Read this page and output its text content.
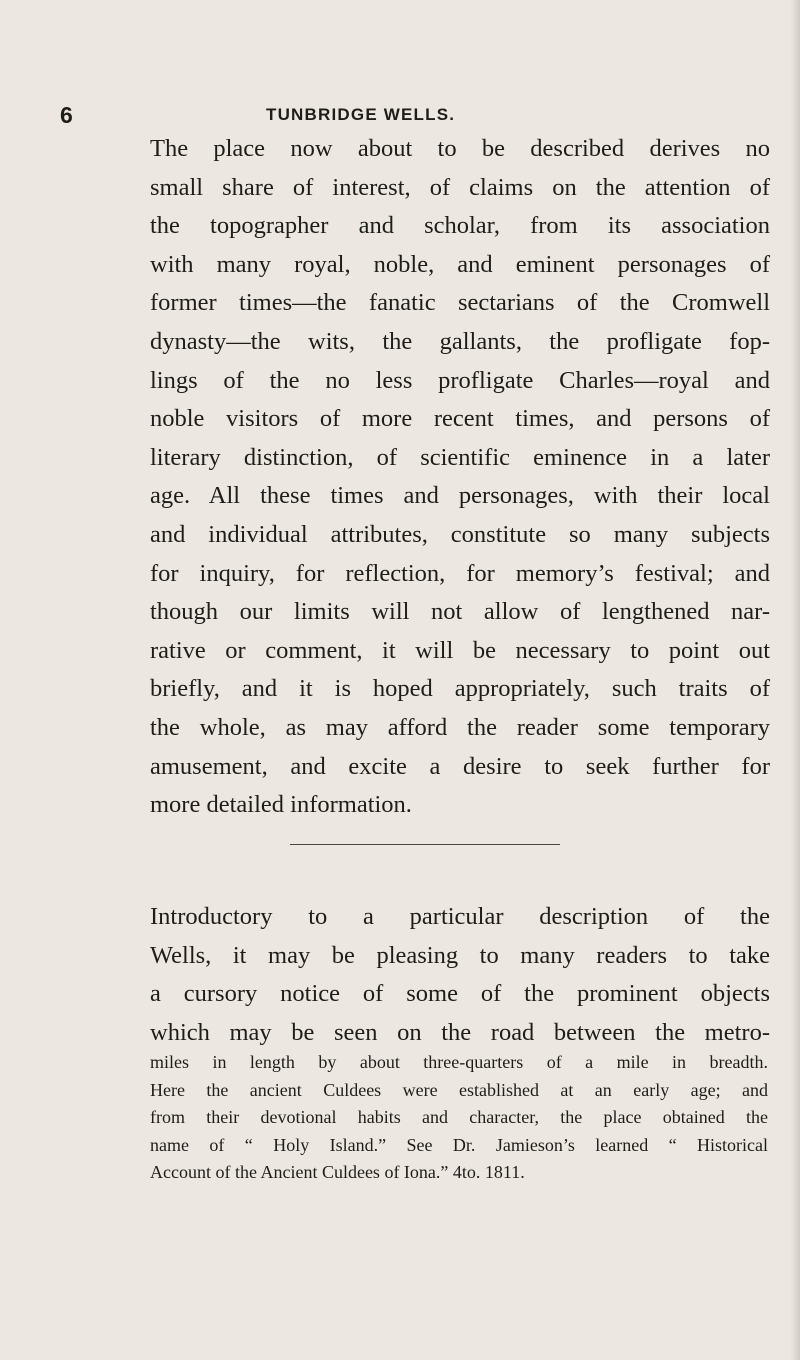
6	TUNBRIDGE WELLS.
The place now about to be described derives no
small share of interest, of claims on the attention of
the topographer and scholar, from its association
with many royal, noble, and eminent personages of
former times—the fanatic sectarians of the Cromwell
dynasty—the wits, the gallants, the profligate fop-
lings of the no less profligate Charles—royal and
noble visitors of more recent times, and persons of
literary distinction, of scientific eminence in a later
age. All these times and personages, with their local
and individual attributes, constitute so many subjects
for inquiry, for reflection, for memory’s festival; and
though our limits will not allow of lengthened nar-
rative or comment, it will be necessary to point out
briefly, and it is hoped appropriately, such traits of
the whole, as may afford the reader some temporary
amusement, and excite a desire to seek further for
more detailed information.
Introductory to a particular description of the
Wells, it may be pleasing to many readers to take
a cursory notice of some of the prominent objects
which may be seen on the road between the metro-
miles in length by about three-quarters of a mile in breadth.
Here the ancient Culdees were established at an early age; and
from their devotional habits and character, the place obtained the
name of “ Holy Island.” See Dr. Jamieson’s learned “ Historical
Account of the Ancient Culdees of Iona.” 4to. 1811.
